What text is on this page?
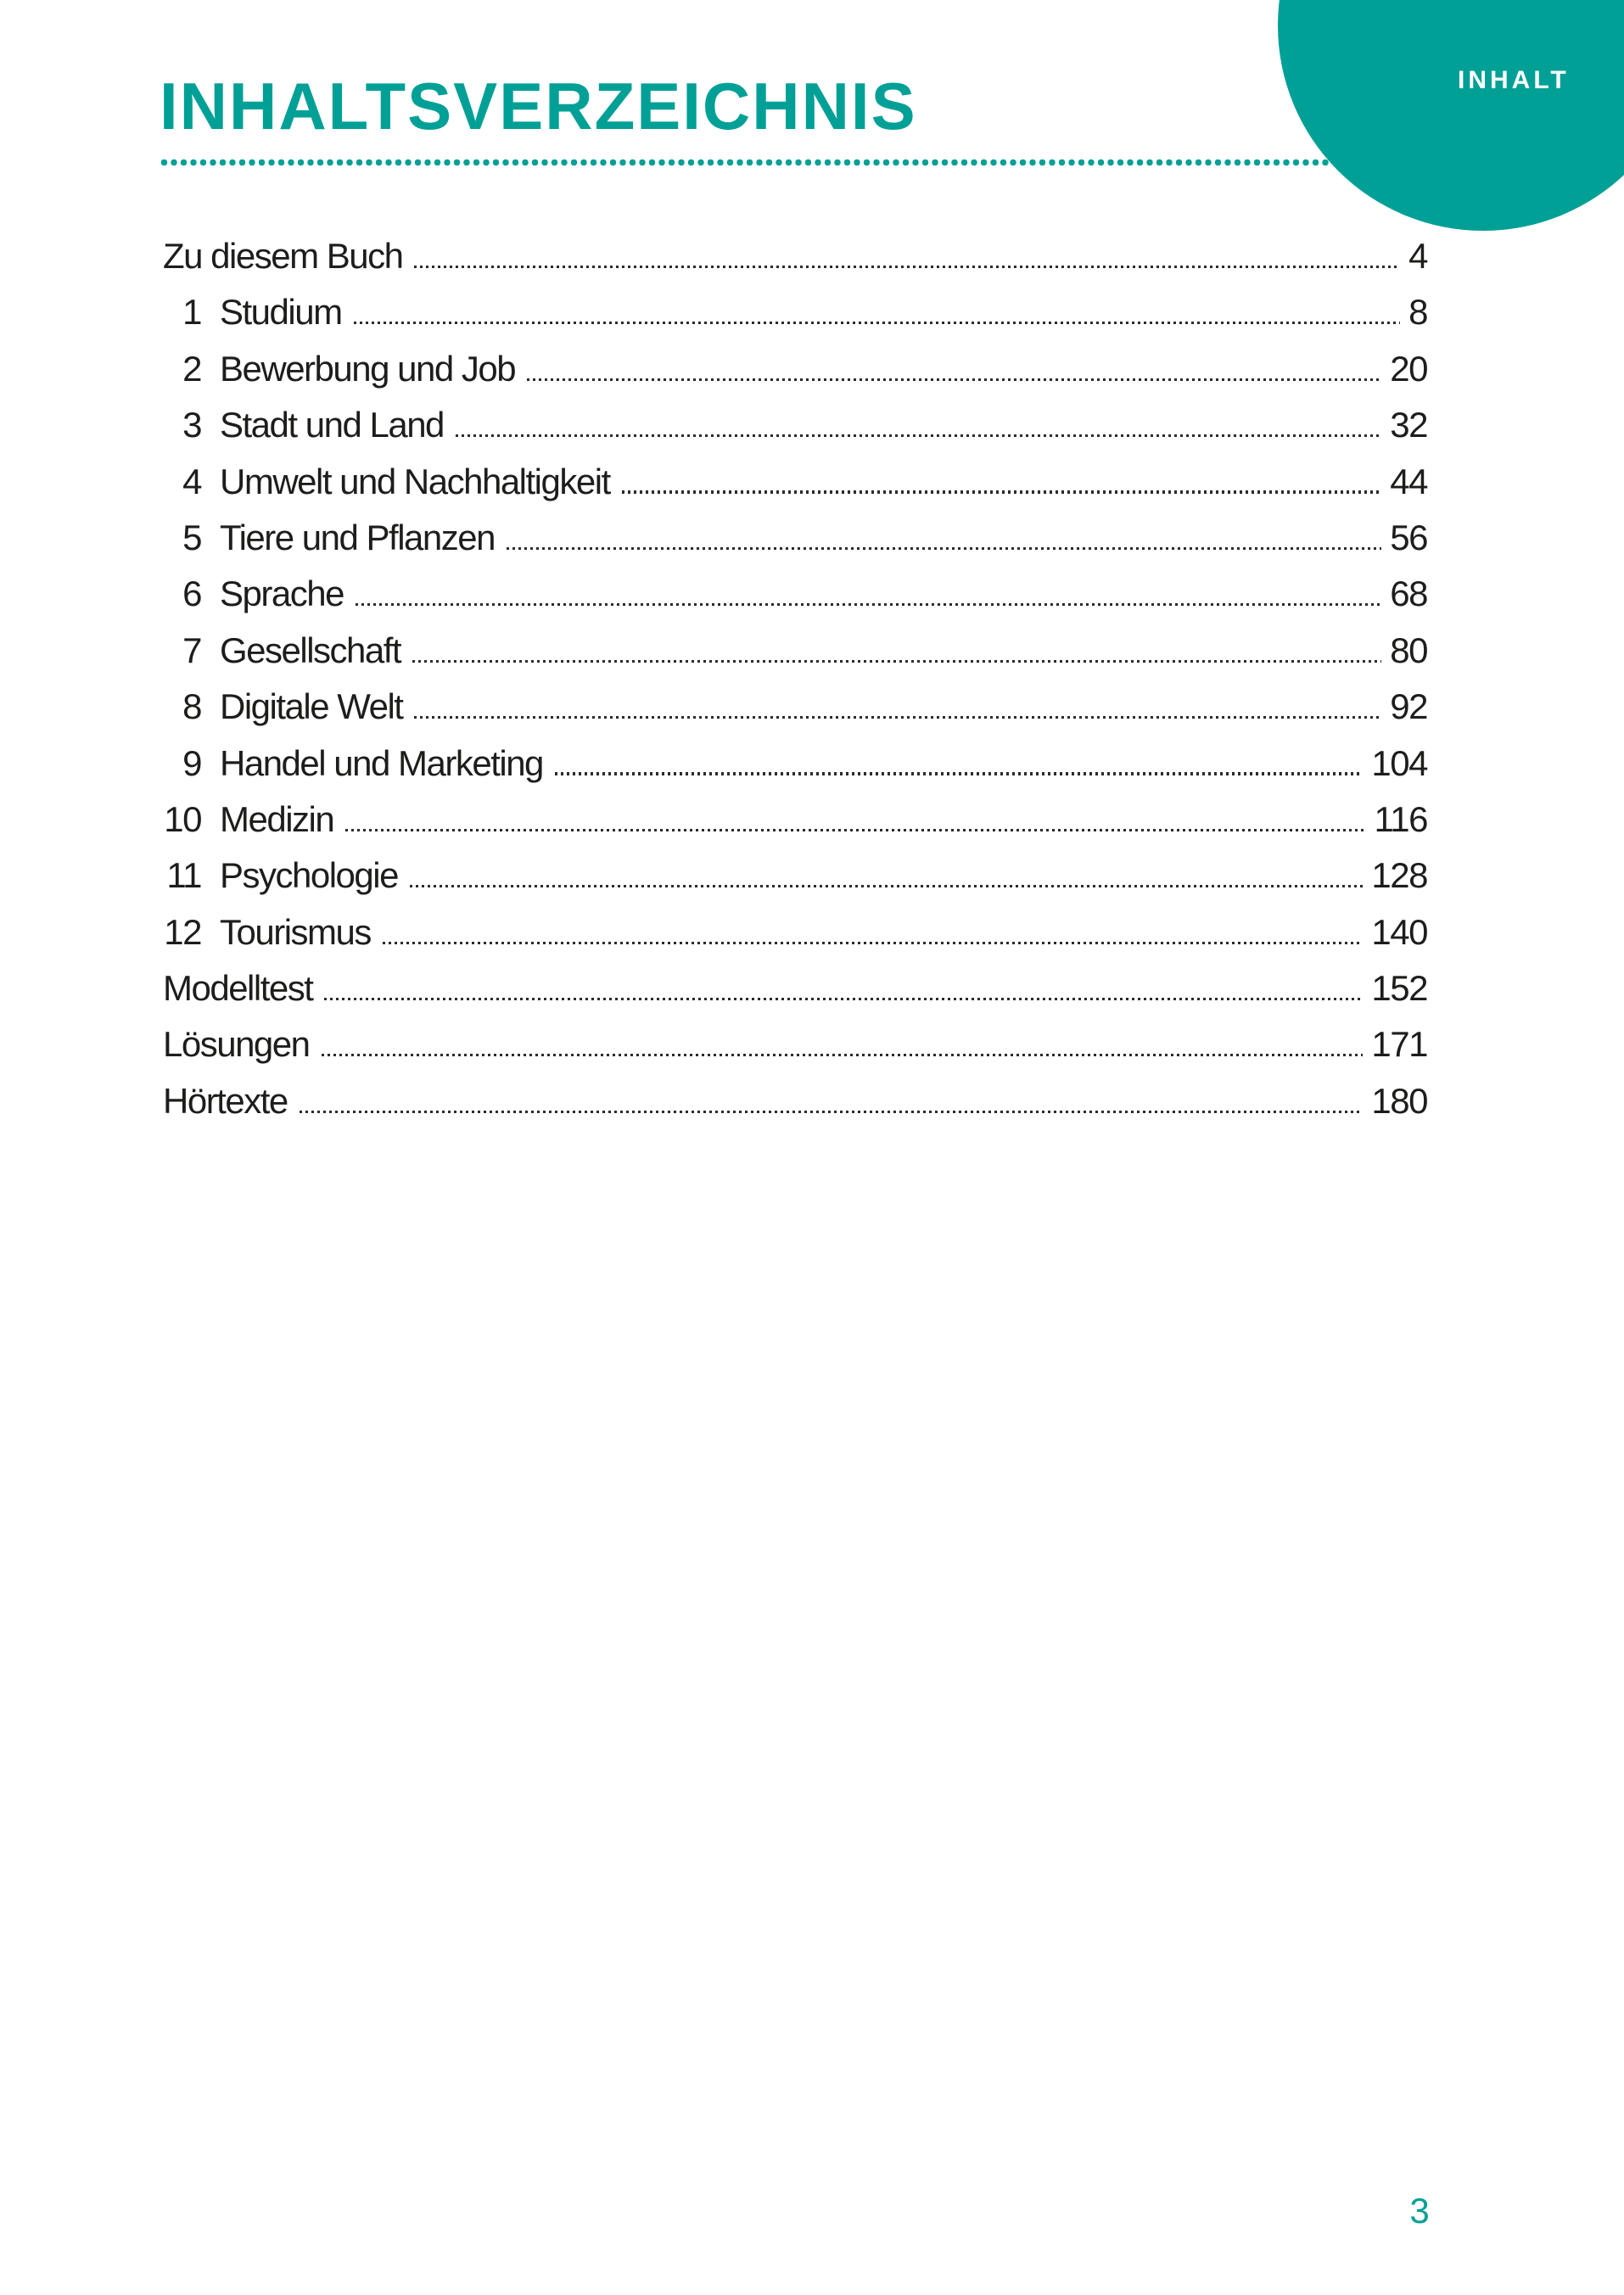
INHALT
INHALTSVERZEICHNIS
Zu diesem Buch	4
1 Studium	8
2 Bewerbung und Job	20
3 Stadt und Land	32
4 Umwelt und Nachhaltigkeit	44
5 Tiere und Pflanzen	56
6 Sprache	68
7 Gesellschaft	80
8 Digitale Welt	92
9 Handel und Marketing	104
10 Medizin	116
11 Psychologie	128
12 Tourismus	140
Modelltest	152
Lösungen	171
Hörtexte	180
3
